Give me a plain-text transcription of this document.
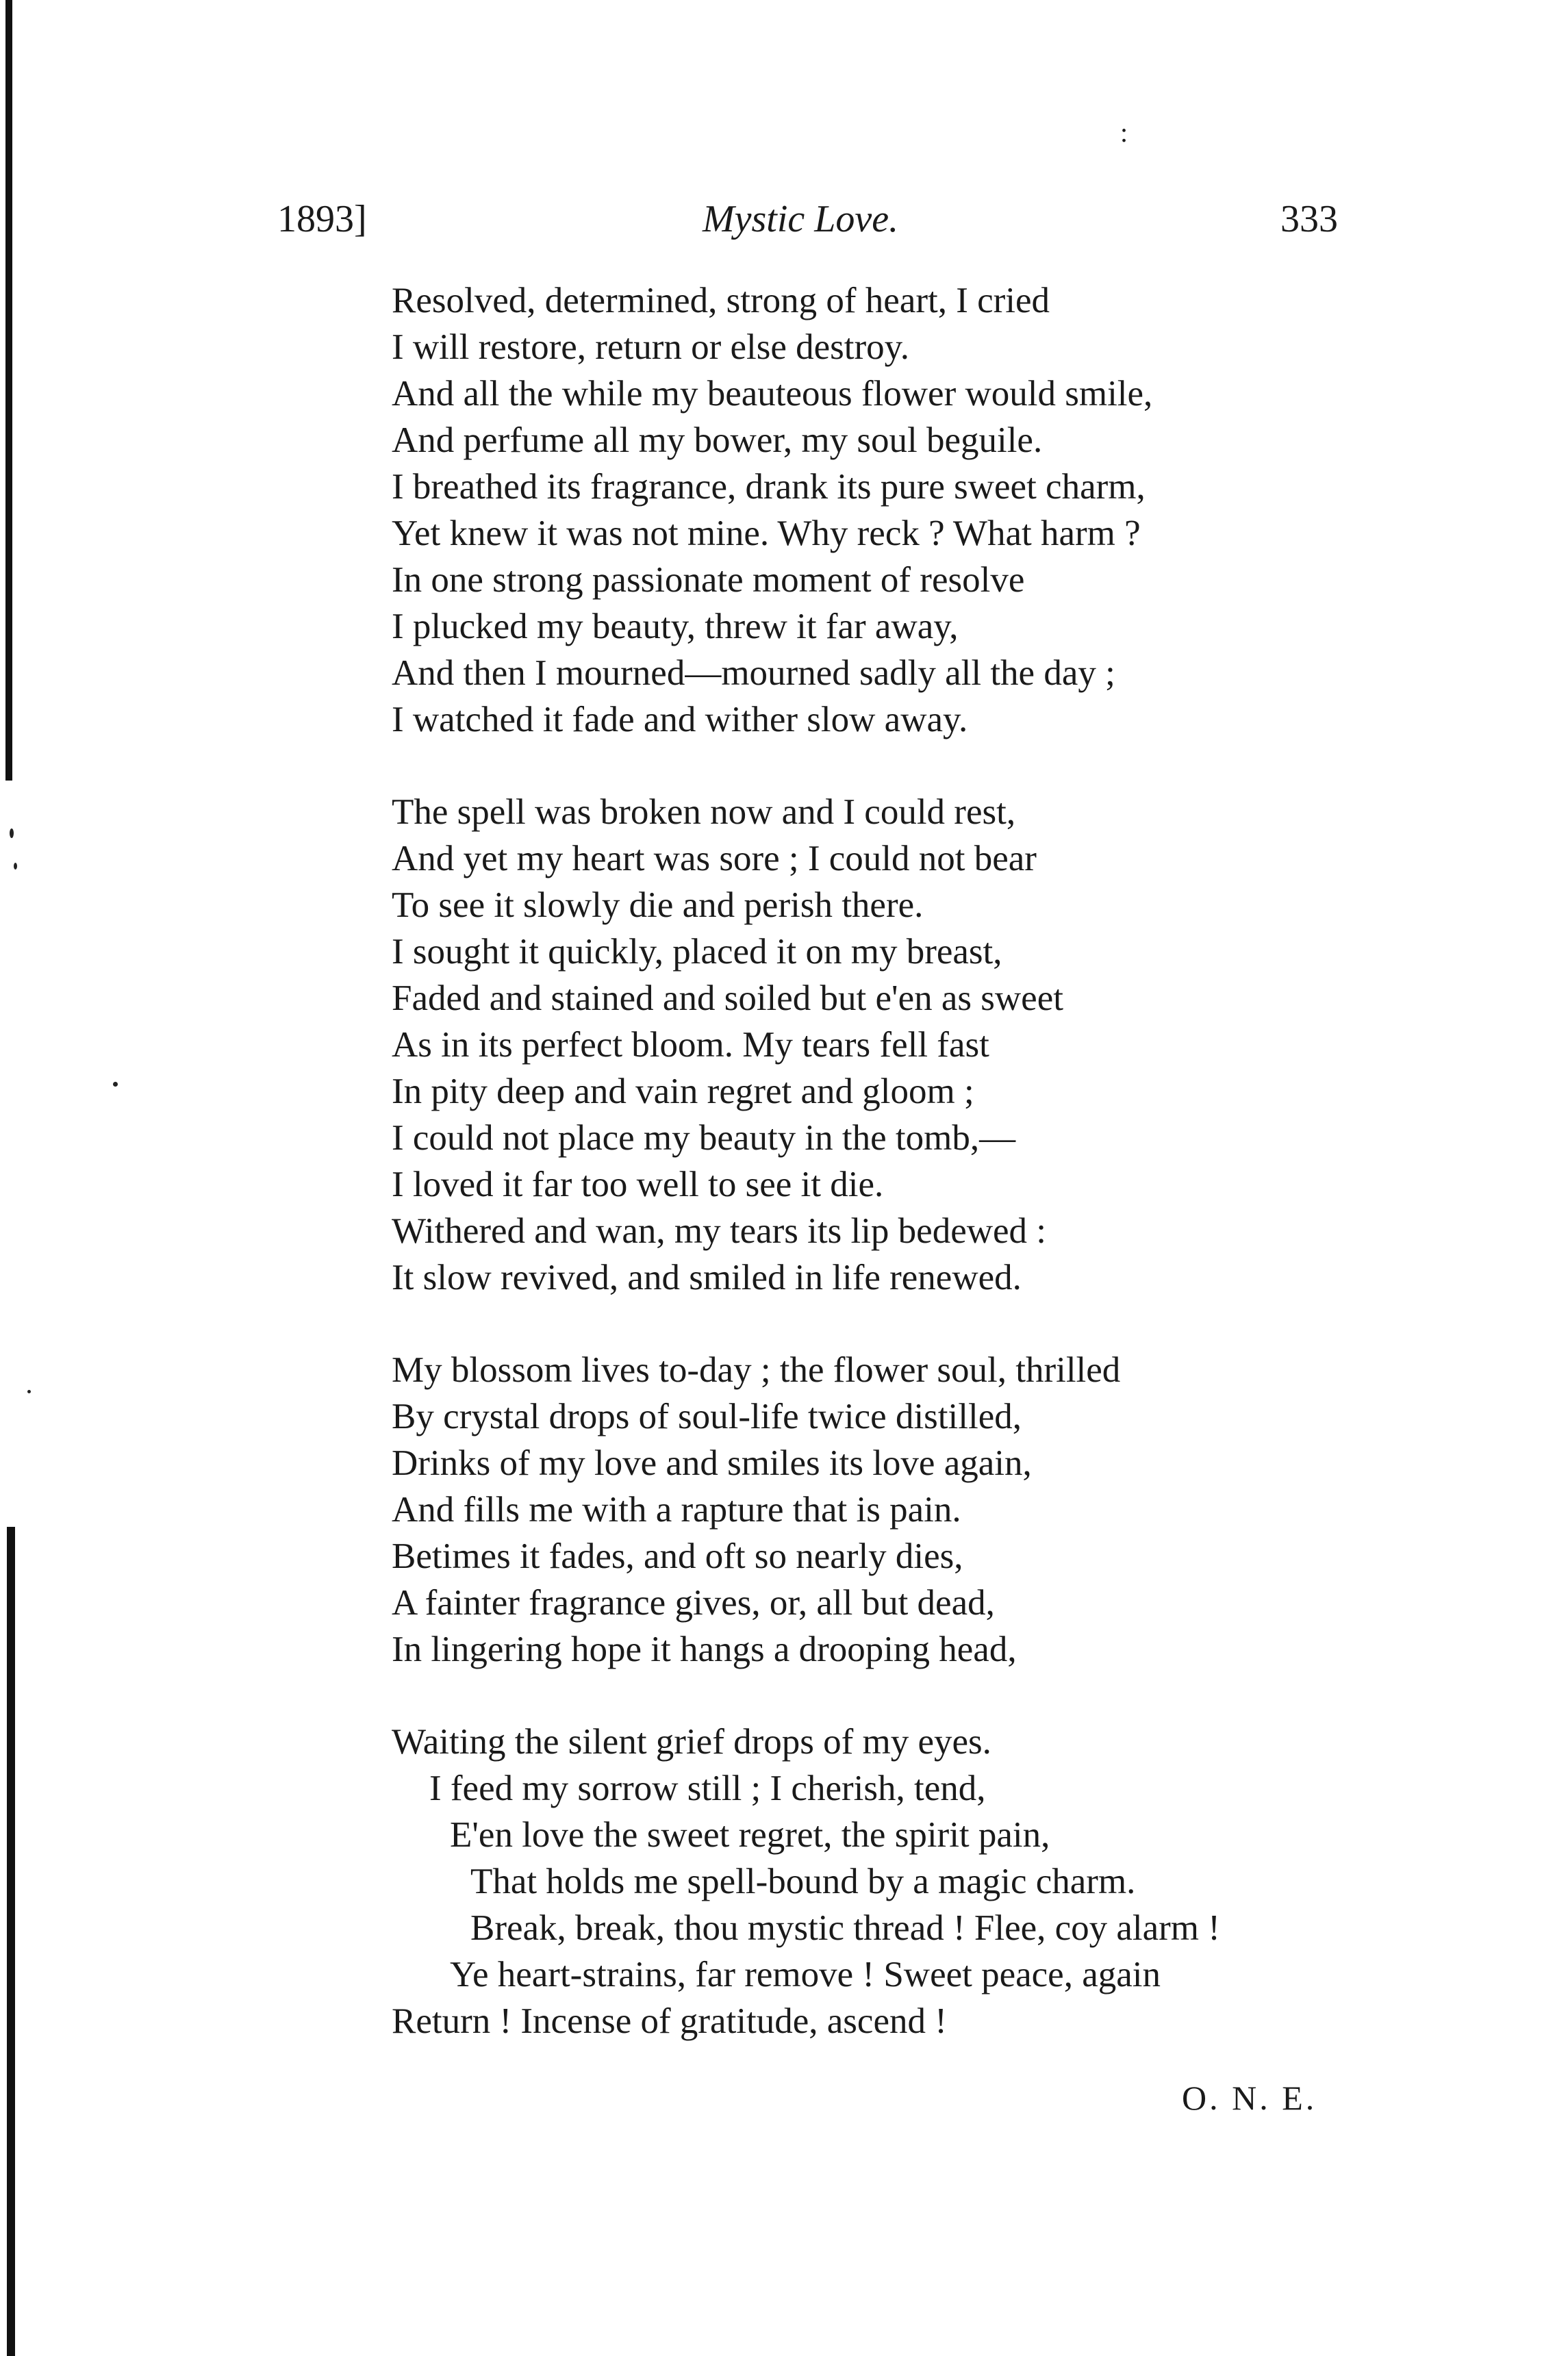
:
1893]	Mystic Love.	333
Resolved, determined, strong of heart, I cried
I will restore, return or else destroy.
And all the while my beauteous flower would smile,
And perfume all my bower, my soul beguile.
I breathed its fragrance, drank its pure sweet charm,
Yet knew it was not mine. Why reck ? What harm ?
In one strong passionate moment of resolve
I plucked my beauty, threw it far away,
And then I mourned—mourned sadly all the day ;
I watched it fade and wither slow away.
The spell was broken now and I could rest,
And yet my heart was sore ; I could not bear
To see it slowly die and perish there.
I sought it quickly, placed it on my breast,
Faded and stained and soiled but e'en as sweet
As in its perfect bloom. My tears fell fast
In pity deep and vain regret and gloom ;
I could not place my beauty in the tomb,—
I loved it far too well to see it die.
Withered and wan, my tears its lip bedewed :
It slow revived, and smiled in life renewed.
My blossom lives to-day ; the flower soul, thrilled
By crystal drops of soul-life twice distilled,
Drinks of my love and smiles its love again,
And fills me with a rapture that is pain.
Betimes it fades, and oft so nearly dies,
A fainter fragrance gives, or, all but dead,
In lingering hope it hangs a drooping head,
Waiting the silent grief drops of my eyes.
I feed my sorrow still ; I cherish, tend,
E'en love the sweet regret, the spirit pain,
That holds me spell-bound by a magic charm.
Break, break, thou mystic thread ! Flee, coy alarm !
Ye heart-strains, far remove ! Sweet peace, again
Return ! Incense of gratitude, ascend !
O. N. E.
